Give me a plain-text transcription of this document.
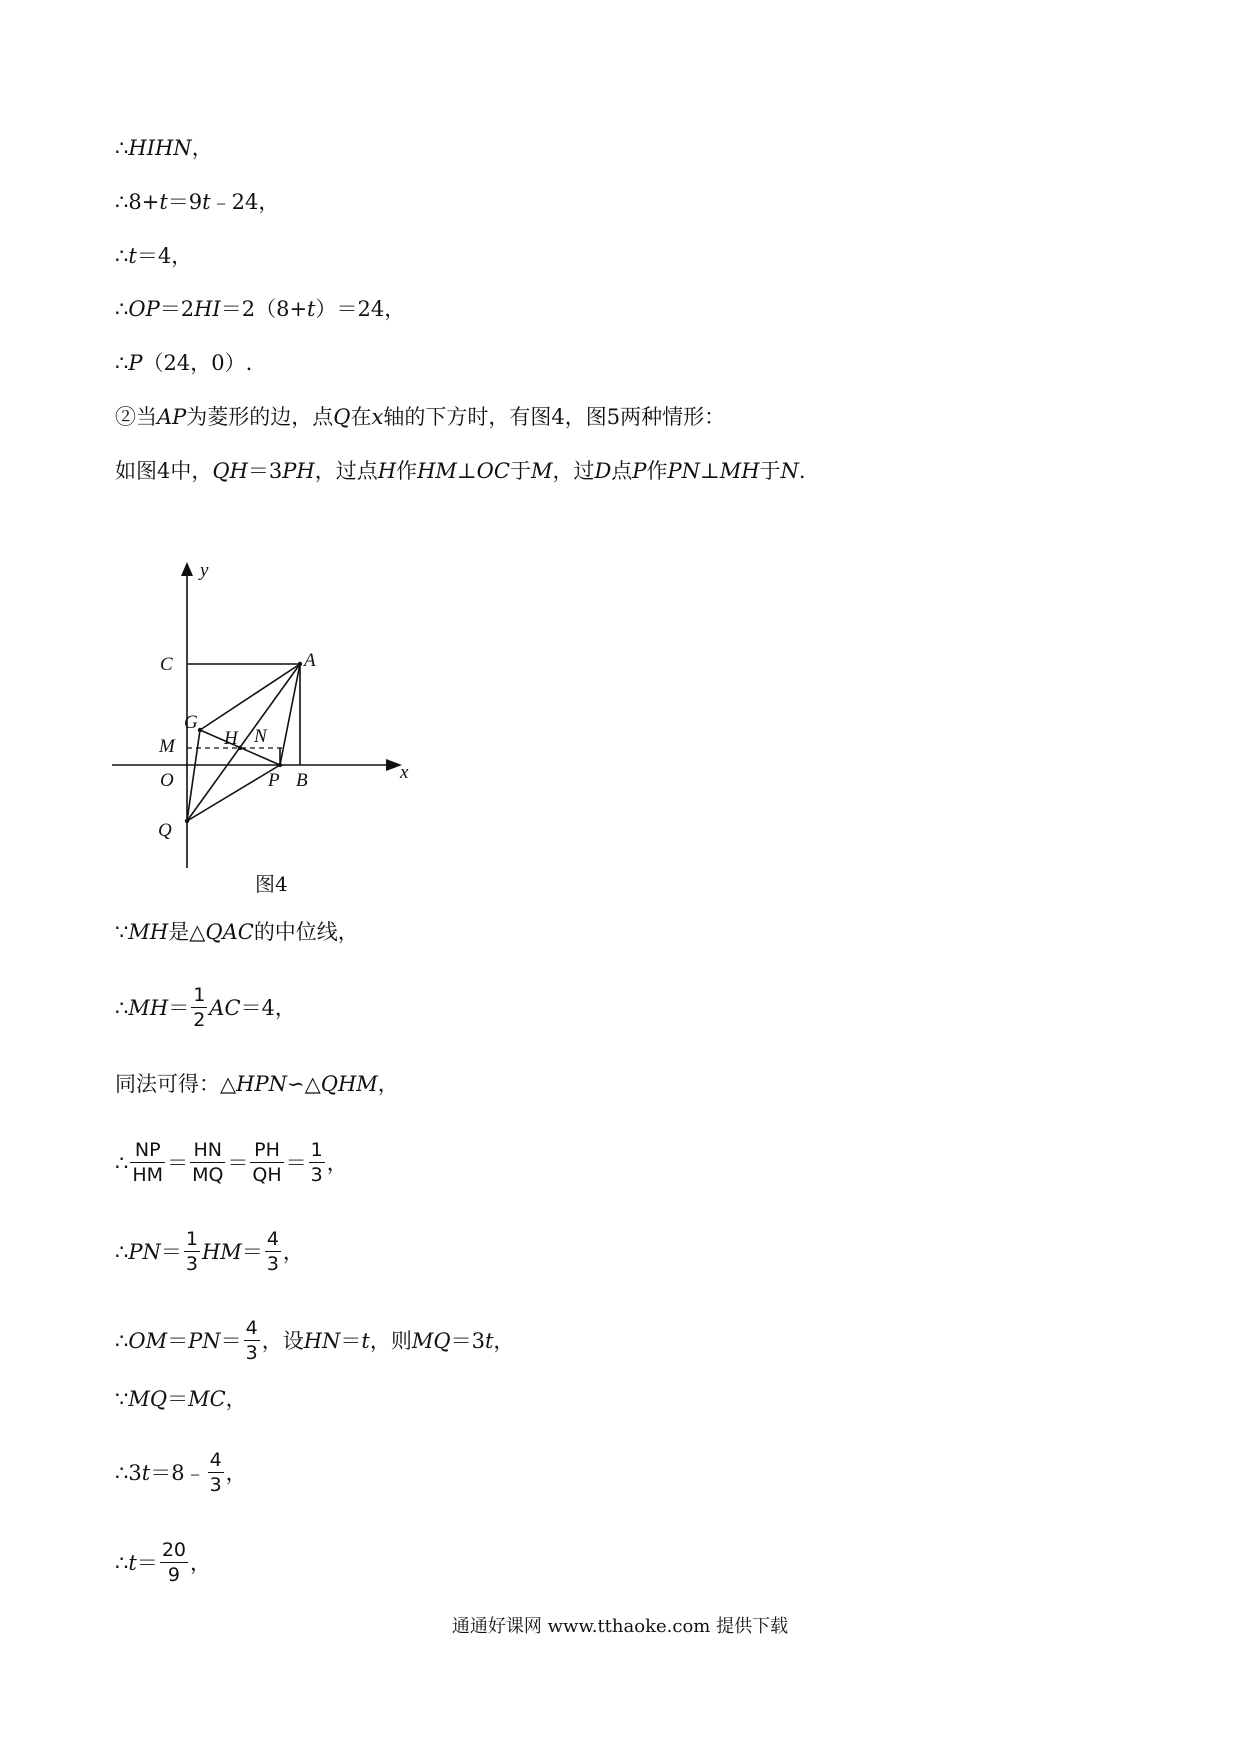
∴HIHN，
∴8+t＝9t﹣24，
∴t＝4，
∴OP＝2HI＝2（8+t）＝24，
∴P（24，0）.
②当AP为菱形的边，点Q在x轴的下方时，有图4，图5两种情形：
如图4中，QH＝3PH，过点H作HM⊥OC于M，过D点P作PN⊥MH于N.
y
C	A
G
H N
M
x
O	P B
Q
图4
∵MH是△QAC的中位线，
∴MH＝ $\frac{1}{2} AC=4$，
同法可得：△HPN∽△QHM，
∴ $\frac{NP}{HM} = \frac{HN}{MQ} = \frac{PH}{QH} = \frac{1}{3}$ ，
∴PN＝ $\frac{1}{3} HM= \frac{4}{3}$ ，
∴OM＝PN＝ $\frac{4}{3}$ ，设HN＝t，则MQ＝3t，
∵MQ＝MC，
∴3t＝8﹣ $\frac{4}{3}$ ，
∴t＝ $\frac{20}{9}$ ，
通通好课网 www.tthaoke.com 提供下载
